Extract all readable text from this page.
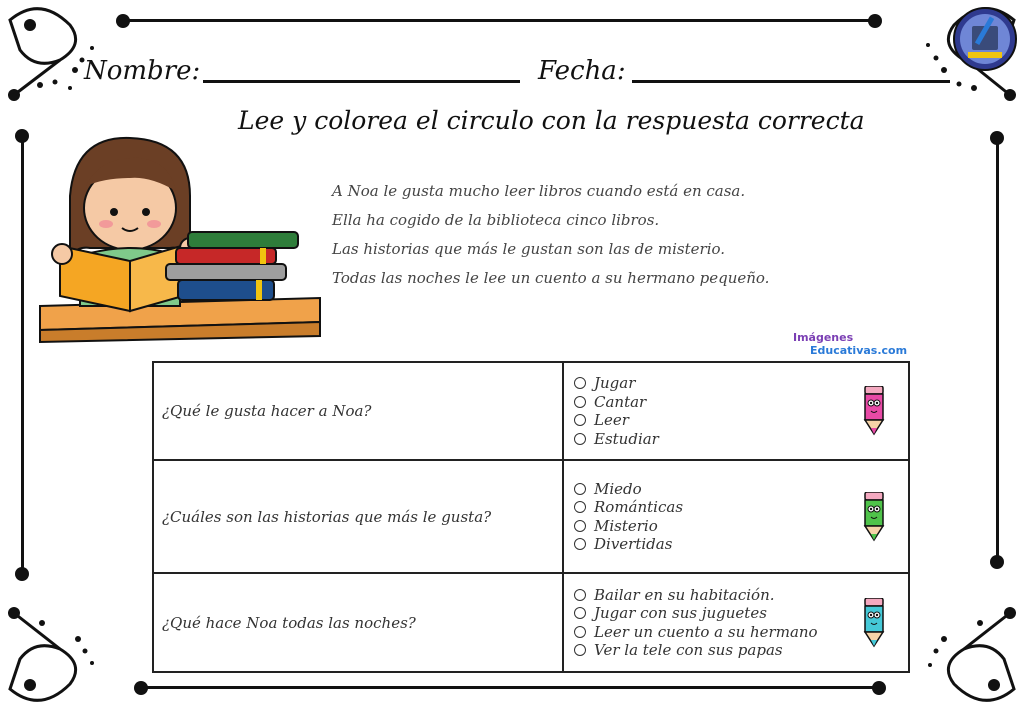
Nombre:	Fecha:
Lee y colorea el circulo con la respuesta correcta

A Noa le gusta mucho leer libros cuando está en casa.

Ella ha cogido de la biblioteca cinco libros.

Las historias que más le gustan son las de misterio.

Todas las noches le lee un cuento a su hermano pequeño.

Imágenes
Educativas.com
¿Qué le gusta hacer a Noa?	Jugar
Cantar
Leer
Estudiar

¿Cuáles son las historias que más le gusta?	Miedo
Románticas
Misterio
Divertidas

¿Qué hace Noa todas las noches?	Bailar en su habitación.
Jugar con sus juguetes
Leer un cuento a su hermano
Ver la tele con sus papas
